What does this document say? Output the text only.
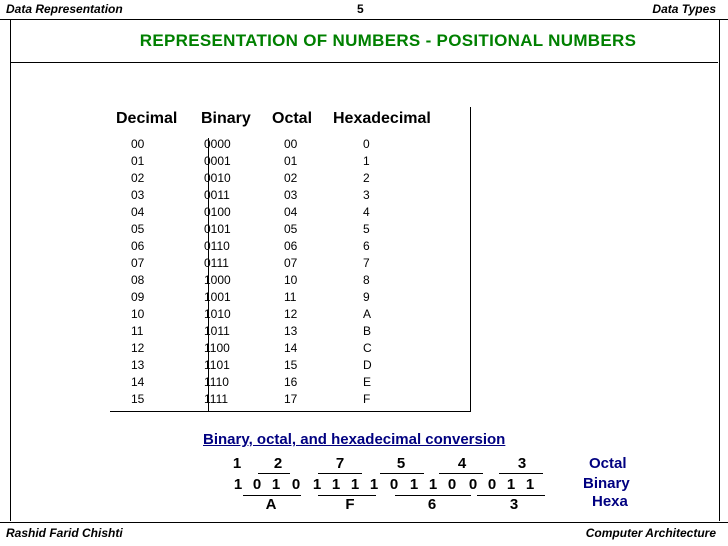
Data Representation	5	Data Types
REPRESENTATION OF NUMBERS - POSITIONAL NUMBERS
Decimal Binary Octal Hexadecimal
00	0000	00	0
01	0001	01	1
02	0010	02	2
03	0011	03	3
04	0100	04	4
05	0101	05	5
06	0110	06	6
07	0111	07	7
08	1000	10	8
09	1001	11	9
10	1010	12	A
11	1011	13	B
12	1100	14	C
13	1101	15	D
14	1110	16	E
15	1111	17	F
Binary, octal, and hexadecimal conversion
1 2	7	5	4	3
1 0 1 0 1 1 1 1 0 1 1 0 0 0 1 1
A	F	6	3
Octal
Binary
Hexa
Rashid Farid Chishti	Computer Architecture
